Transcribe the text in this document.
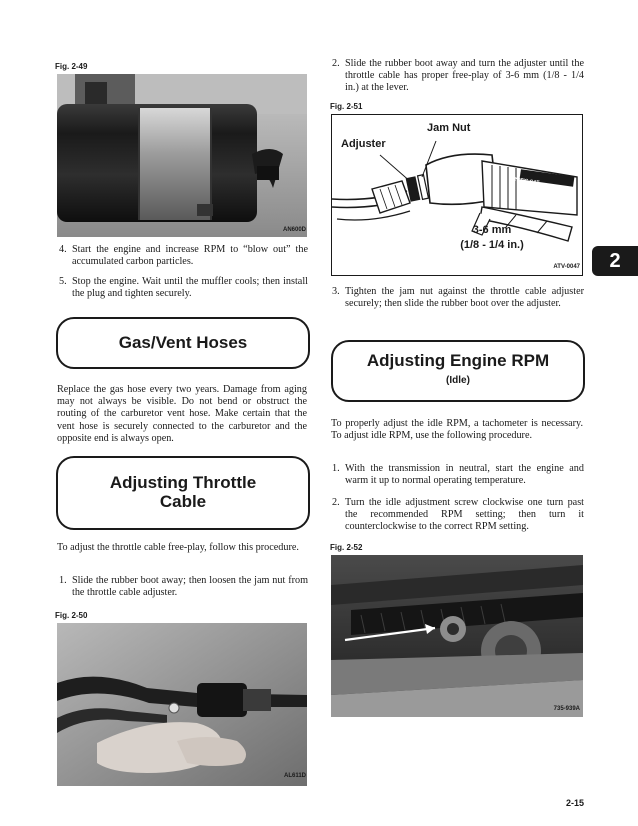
Fig. 2-49
AN600D
4. Start the engine and increase RPM to “blow out” the accumulated carbon particles.
5. Stop the engine. Wait until the muffler cools; then install the plug and tighten securely.
Gas/Vent Hoses
Replace the gas hose every two years. Damage from aging may not always be visible. Do not bend or obstruct the routing of the carburetor vent hose. Make certain that the vent hose is securely connected to the carburetor and the opposite end is always open.
Adjusting Throttle
Cable
To adjust the throttle cable free-play, follow this procedure.
1. Slide the rubber boot away; then loosen the jam nut from the throttle cable adjuster.
Fig. 2-50
AL611D
2. Slide the rubber boot away and turn the adjuster until the throttle cable has proper free-play of 3-6 mm (1/8 - 1/4 in.) at the lever.
Fig. 2-51
Jam Nut
Adjuster
ARCTIC CAT
3-6 mm
(1/8 - 1/4 in.)
ATV-0047	2
3. Tighten the jam nut against the throttle cable adjuster securely; then slide the rubber boot over the adjuster.
Adjusting Engine RPM
(Idle)
To properly adjust the idle RPM, a tachometer is necessary. To adjust idle RPM, use the following procedure.
1. With the transmission in neutral, start the engine and warm it up to normal operating temperature.
2. Turn the idle adjustment screw clockwise one turn past the recommended RPM setting; then turn it counterclockwise to the correct RPM setting.
Fig. 2-52
735-939A
2-15
